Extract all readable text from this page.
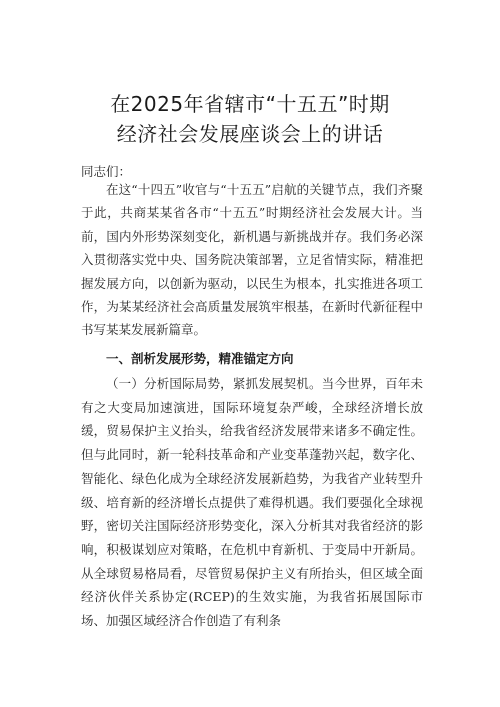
在2025年省辖市“十五五”时期
经济社会发展座谈会上的讲话
同志们：
在这“十四五”收官与“十五五”启航的关键节点，我们齐聚于此，共商某某省各市“十五五”时期经济社会发展大计。当前，国内外形势深刻变化，新机遇与新挑战并存。我们务必深入贯彻落实党中央、国务院决策部署，立足省情实际，精准把握发展方向，以创新为驱动，以民生为根本，扎实推进各项工作，为某某经济社会高质量发展筑牢根基，在新时代新征程中书写某某发展新篇章。
一、剖析发展形势，精准锚定方向
（一）分析国际局势，紧抓发展契机。当今世界，百年未有之大变局加速演进，国际环境复杂严峻，全球经济增长放缓，贸易保护主义抬头，给我省经济发展带来诸多不确定性。但与此同时，新一轮科技革命和产业变革蓬勃兴起，数字化、智能化、绿色化成为全球经济发展新趋势，为我省产业转型升级、培育新的经济增长点提供了难得机遇。我们要强化全球视野，密切关注国际经济形势变化，深入分析其对我省经济的影响，积极谋划应对策略，在危机中育新机、于变局中开新局。从全球贸易格局看，尽管贸易保护主义有所抬头，但区域全面经济伙伴关系协定(RCEP)的生效实施，为我省拓展国际市场、加强区域经济合作创造了有利条
